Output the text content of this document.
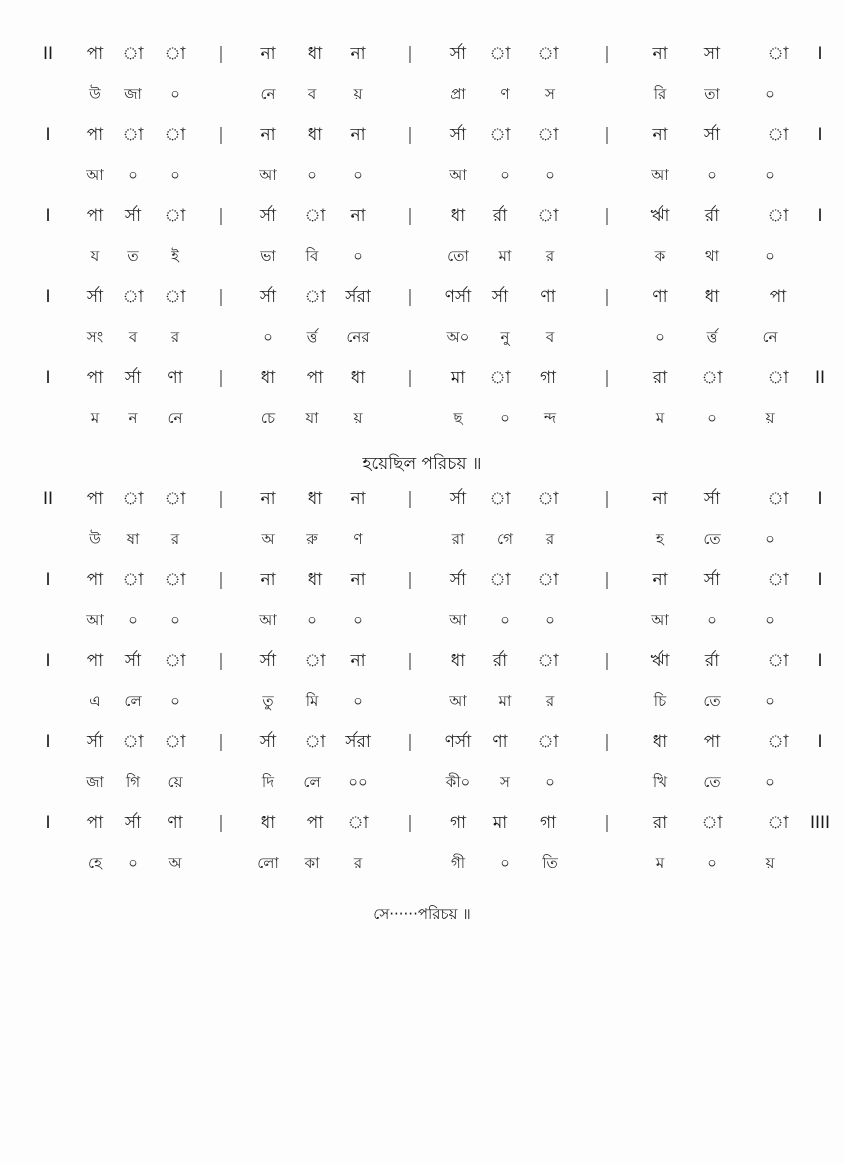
II পা া া | না ধা না | র্সা া া	|	না সা	া I
উ জা ০	নে ব য়	প্রা ণ স	রি	তা	০
I পা া া | না ধা না | র্সা া া	|	না র্সা	া I
আ ০ ০	আ ০ ০	আ ০ ০	আ	০	০
I পা র্সা া | র্সা া না | ধা র্রা া	| র্ঋা র্রা	া I
য ত ই	ভা বি ০	তো মা র	ক	থা	০
I র্সা া া | র্সা া র্সরা | ণর্সা র্সা ণা	|	ণা ধা	পা
সং ব র	০ র্ত্ত নের	অ০ নু ব	০	র্ত্ত	নে
I পা র্সা ণা | ধা পা ধা | মা া গা	|	রা া	া II
ম ন নে	চে যা য়	ছ	০ ন্দ	ম	০	য়
হয়েছিল পরিচয় ॥
II পা া া | না ধা না | র্সা া া	|	না র্সা	া I
উ ষা র	অ রু ণ	রা গে র	হ	তে	০
I পা া া | না ধা না | র্সা া া	|	না র্সা	া I
আ ০ ০	আ ০ ০	আ ০ ০	আ	০	০
I পা র্সা া | র্সা া না | ধা র্রা া	| র্ঋা র্রা	া I
এ লে ০	তু মি ০	আ মা র	চি তে	০
I র্সা া া | র্সা া র্সরা | ণর্সা ণা া	|	ধা পা	া I
জা গি য়ে	দি লে ০০	কী০ স ০	খি তে	০
I পা র্সা ণা | ধা পা া | গা মা গা	|	রা া	া IIII
হে ০ অ	লো কা র	গী ০ তি	ম	০	য়
সে······পরিচয় ॥
